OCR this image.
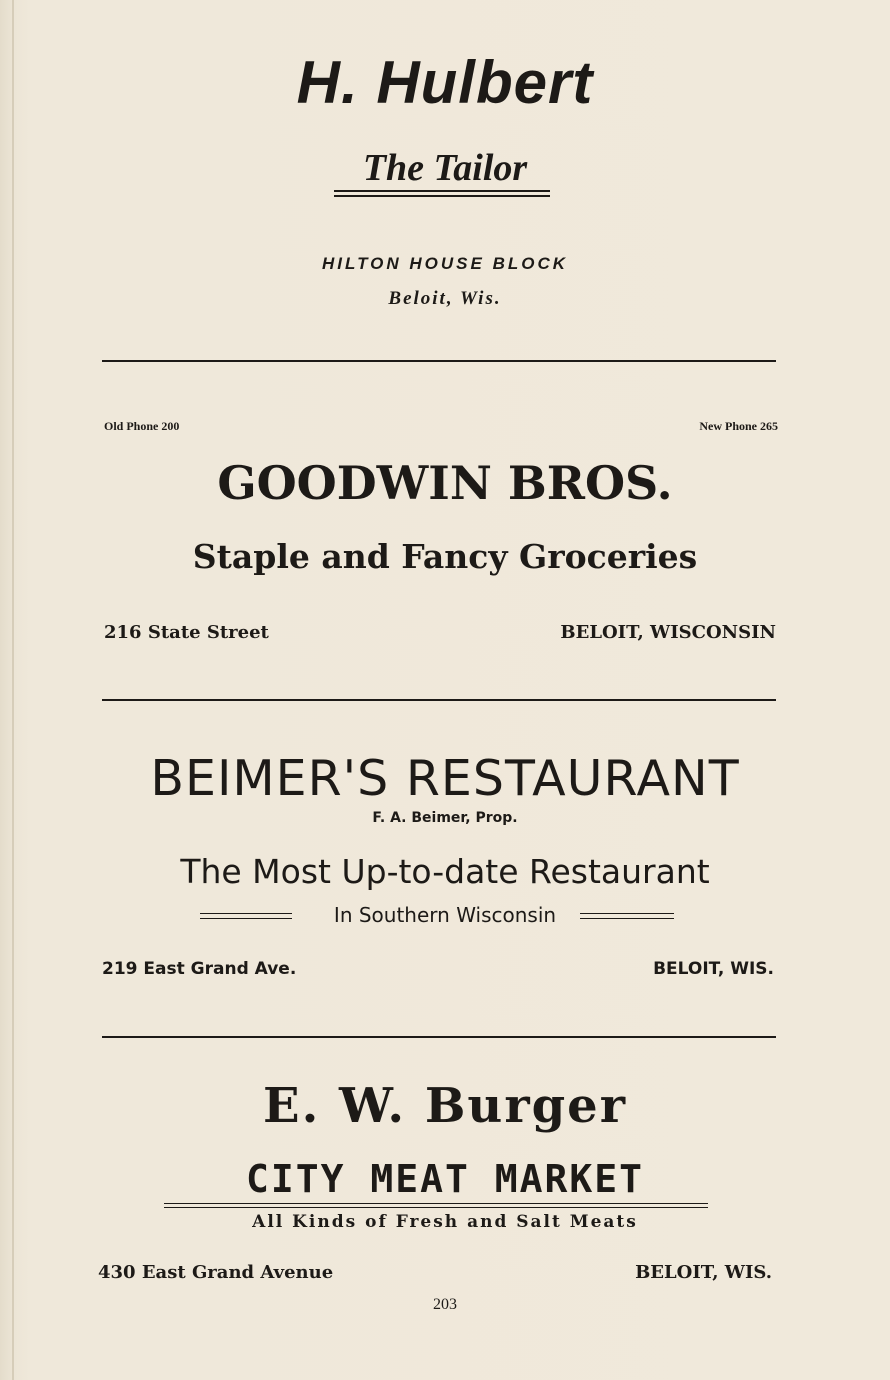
H. Hulbert
The Tailor
HILTON HOUSE BLOCK
Beloit, Wis.
Old Phone 200	New Phone 265
GOODWIN BROS.
Staple and Fancy Groceries
216 State Street	BELOIT, WISCONSIN
BEIMER'S RESTAURANT
F. A. Beimer, Prop.
The Most Up-to-date Restaurant
In Southern Wisconsin
219 East Grand Ave.	BELOIT, WIS.
E. W. Burger
CITY MEAT MARKET
All Kinds of Fresh and Salt Meats
430 East Grand Avenue	BELOIT, WIS.
203
